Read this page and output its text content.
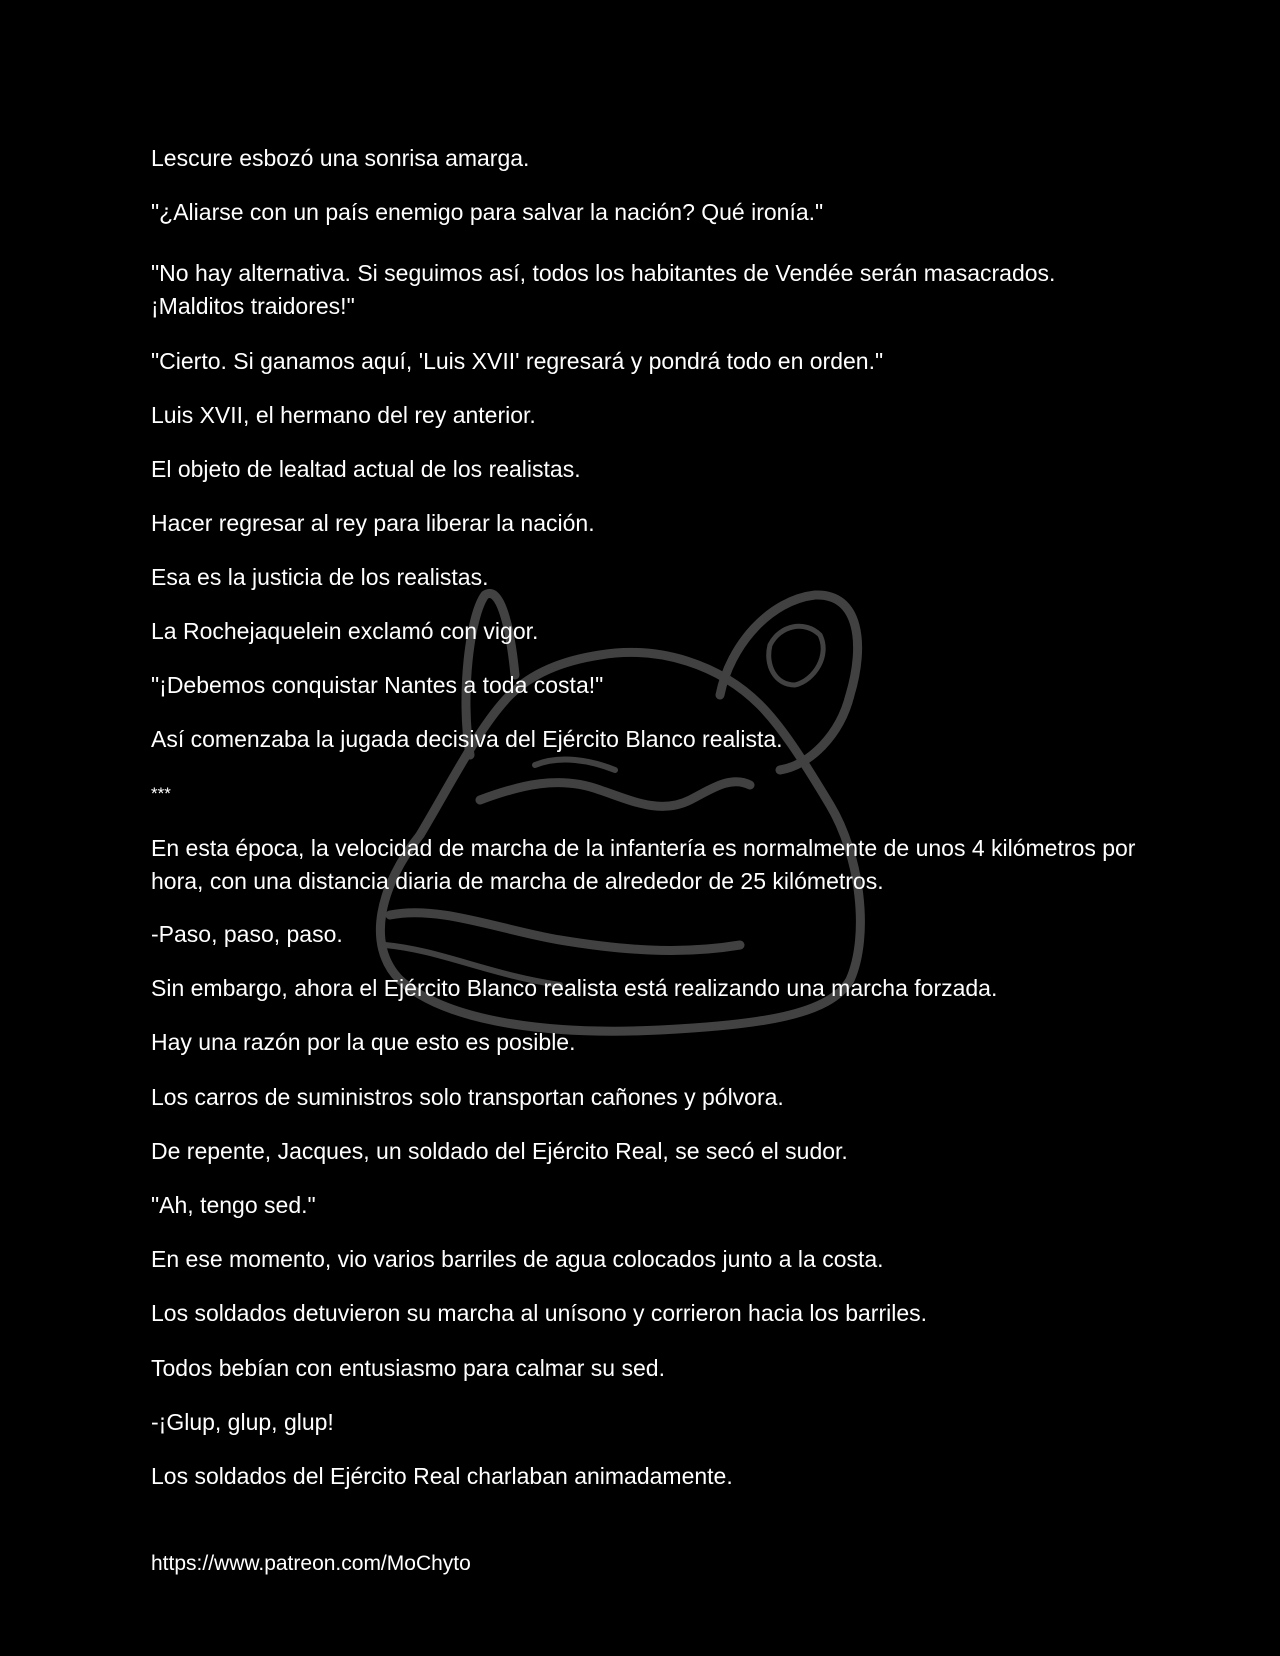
Lescure esbozó una sonrisa amarga.

"¿Aliarse con un país enemigo para salvar la nación? Qué ironía."

"No hay alternativa. Si seguimos así, todos los habitantes de Vendée serán masacrados. ¡Malditos traidores!"

"Cierto. Si ganamos aquí, 'Luis XVII' regresará y pondrá todo en orden."

Luis XVII, el hermano del rey anterior.

El objeto de lealtad actual de los realistas.

Hacer regresar al rey para liberar la nación.

Esa es la justicia de los realistas.

La Rochejaquelein exclamó con vigor.

"¡Debemos conquistar Nantes a toda costa!"

Así comenzaba la jugada decisiva del Ejército Blanco realista.

***

En esta época, la velocidad de marcha de la infantería es normalmente de unos 4 kilómetros por hora, con una distancia diaria de marcha de alrededor de 25 kilómetros.

-Paso, paso, paso.

Sin embargo, ahora el Ejército Blanco realista está realizando una marcha forzada.

Hay una razón por la que esto es posible.

Los carros de suministros solo transportan cañones y pólvora.

De repente, Jacques, un soldado del Ejército Real, se secó el sudor.

"Ah, tengo sed."

En ese momento, vio varios barriles de agua colocados junto a la costa.

Los soldados detuvieron su marcha al unísono y corrieron hacia los barriles.

Todos bebían con entusiasmo para calmar su sed.

-¡Glup, glup, glup!

Los soldados del Ejército Real charlaban animadamente.

https://www.patreon.com/MoChyto
